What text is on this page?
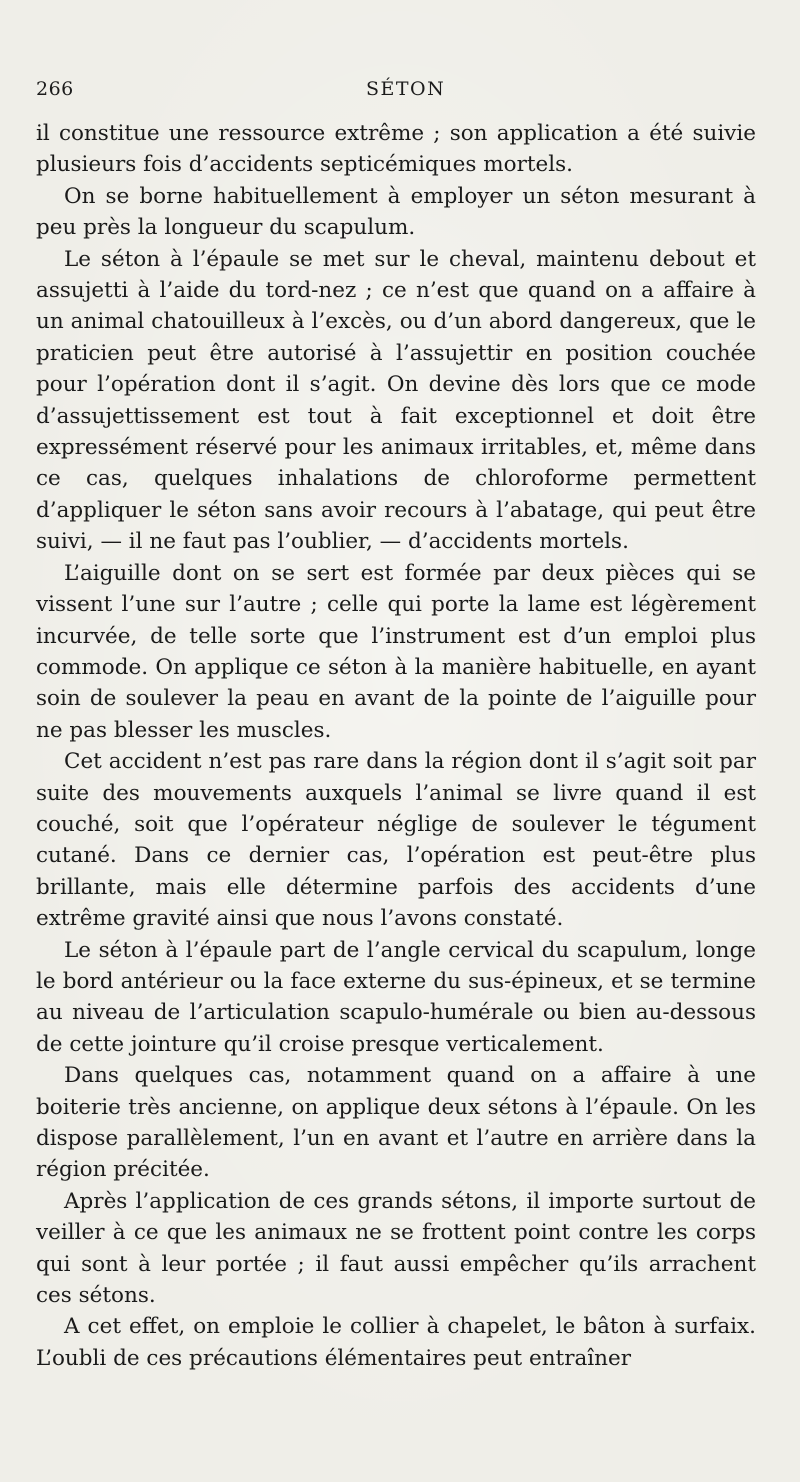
266	SÉTON

il constitue une ressource extrême ; son application a été suivie plusieurs fois d’accidents septicémiques mortels.

On se borne habituellement à employer un séton mesurant à peu près la longueur du scapulum.

Le séton à l’épaule se met sur le cheval, maintenu debout et assujetti à l’aide du tord-nez ; ce n’est que quand on a affaire à un animal chatouilleux à l’excès, ou d’un abord dangereux, que le praticien peut être autorisé à l’assujettir en position couchée pour l’opération dont il s’agit. On devine dès lors que ce mode d’assujettissement est tout à fait exceptionnel et doit être expressément réservé pour les animaux irritables, et, même dans ce cas, quelques inhalations de chloroforme permettent d’appliquer le séton sans avoir recours à l’abatage, qui peut être suivi, — il ne faut pas l’oublier, — d’accidents mortels.

L’aiguille dont on se sert est formée par deux pièces qui se vissent l’une sur l’autre ; celle qui porte la lame est légèrement incurvée, de telle sorte que l’instrument est d’un emploi plus commode. On applique ce séton à la manière habituelle, en ayant soin de soulever la peau en avant de la pointe de l’aiguille pour ne pas blesser les muscles.

Cet accident n’est pas rare dans la région dont il s’agit soit par suite des mouvements auxquels l’animal se livre quand il est couché, soit que l’opérateur néglige de soulever le tégument cutané. Dans ce dernier cas, l’opération est peut-être plus brillante, mais elle détermine parfois des accidents d’une extrême gravité ainsi que nous l’avons constaté.

Le séton à l’épaule part de l’angle cervical du scapulum, longe le bord antérieur ou la face externe du sus-épineux, et se termine au niveau de l’articulation scapulo-humérale ou bien au-dessous de cette jointure qu’il croise presque verticalement.

Dans quelques cas, notamment quand on a affaire à une boiterie très ancienne, on applique deux sétons à l’épaule. On les dispose parallèlement, l’un en avant et l’autre en arrière dans la région précitée.

Après l’application de ces grands sétons, il importe surtout de veiller à ce que les animaux ne se frottent point contre les corps qui sont à leur portée ; il faut aussi empêcher qu’ils arrachent ces sétons.

A cet effet, on emploie le collier à chapelet, le bâton à surfaix. L’oubli de ces précautions élémentaires peut entraîner
